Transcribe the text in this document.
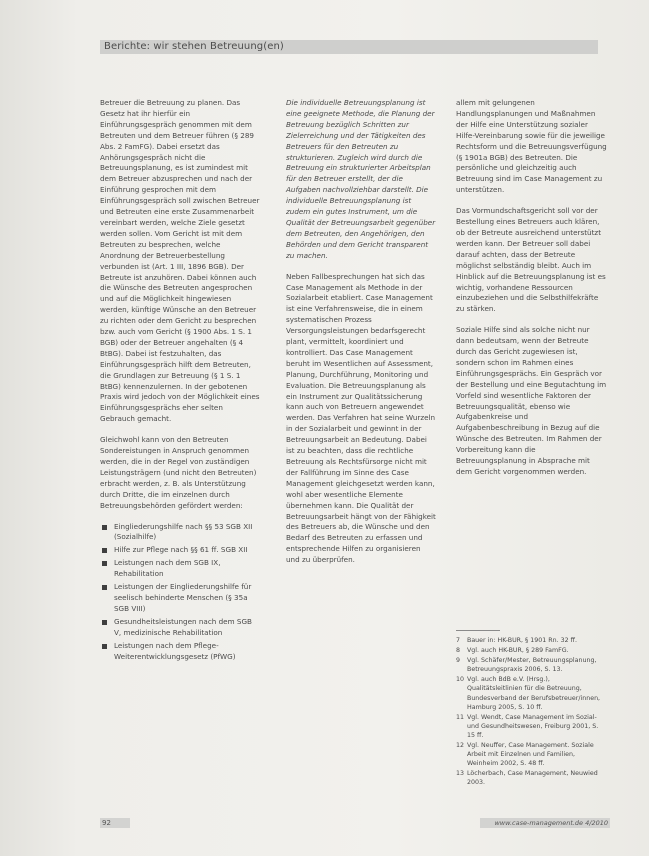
Berichte: wir stehen Betreuung(en)

Betreuer die Betreuung zu planen. Das Gesetz hat ihr hierfür ein Einführungsgespräch genommen mit dem Betreuten und dem Betreuer führen (§ 289 Abs. 2 FamFG). Dabei ersetzt das Anhörungsgespräch nicht die Betreuungsplanung, es ist zumindest mit dem Betreuer abzusprechen und nach der Einführung gesprochen mit dem Einführungsgespräch soll zwischen Betreuer und Betreuten eine erste Zusammenarbeit vereinbart werden, welche Ziele gesetzt werden sollen. Vom Gericht ist mit dem Betreuten zu besprechen, welche Anordnung der Betreuerbestellung verbunden ist (Art. 1 III, 1896 BGB). Der Betreute ist anzuhören. Dabei können auch die Wünsche des Betreuten angesprochen und auf die Möglichkeit hingewiesen werden, künftige Wünsche an den Betreuer zu richten oder dem Gericht zu besprechen bzw. auch vom Gericht (§ 1900 Abs. 1 S. 1 BGB) oder der Betreuer angehalten (§ 4 BtBG). Dabei ist festzuhalten, das Einführungsgespräch hilft dem Betreuten, die Grundlagen zur Betreuung (§ 1 S. 1 BtBG) kennenzulernen. In der gebotenen Praxis wird jedoch von der Möglichkeit eines Einführungsgesprächs eher selten Gebrauch gemacht.

Gleichwohl kann von den Betreuten Sondereistungen in Anspruch genommen werden, die in der Regel von zuständigen Leistungsträgern (und nicht den Betreuten) erbracht werden, z. B. als Unterstützung durch Dritte, die im einzelnen durch Betreuungsbehörden gefördert werden:

Eingliederungshilfe nach §§ 53 SGB XII (Sozialhilfe)
Hilfe zur Pflege nach §§ 61 ff. SGB XII
Leistungen nach dem SGB IX, Rehabilitation
Leistungen der Eingliederungshilfe für seelisch behinderte Menschen (§ 35a SGB VIII)
Gesundheitsleistungen nach dem SGB V, medizinische Rehabilitation
Leistungen nach dem Pflege-Weiterentwicklungsgesetz (PfWG)

Die individuelle Betreuungsplanung ist eine geeignete Methode, die Planung der Betreuung bezüglich Schritten zur Zielerreichung und der Tätigkeiten des Betreuers für den Betreuten zu strukturieren. Zugleich wird durch die Betreuung ein strukturierter Arbeitsplan für den Betreuer erstellt, der die Aufgaben nachvollziehbar darstellt. Die individuelle Betreuungsplanung ist zudem ein gutes Instrument, um die Qualität der Betreuungsarbeit gegenüber dem Betreuten, den Angehörigen, den Behörden und dem Gericht transparent zu machen.

Neben Fallbesprechungen hat sich das Case Management als Methode in der Sozialarbeit etabliert. Case Management ist eine Verfahrensweise, die in einem systematischen Prozess Versorgungsleistungen bedarfsgerecht plant, vermittelt, koordiniert und kontrolliert. Das Case Management beruht im Wesentlichen auf Assessment, Planung, Durchführung, Monitoring und Evaluation. Die Betreuungsplanung als ein Instrument zur Qualitätssicherung kann auch von Betreuern angewendet werden. Das Verfahren hat seine Wurzeln in der Sozialarbeit und gewinnt in der Betreuungsarbeit an Bedeutung. Dabei ist zu beachten, dass die rechtliche Betreuung als Rechtsfürsorge nicht mit der Fallführung im Sinne des Case Management gleichgesetzt werden kann, wohl aber wesentliche Elemente übernehmen kann. Die Qualität der Betreuungsarbeit hängt von der Fähigkeit des Betreuers ab, die Wünsche und den Bedarf des Betreuten zu erfassen und entsprechende Hilfen zu organisieren und zu überprüfen.

allem mit gelungenen Handlungsplanungen und Maßnahmen der Hilfe eine Unterstützung sozialer Hilfe-Vereinbarung sowie für die jeweilige Rechtsform und die Betreuungsverfügung (§ 1901a BGB) des Betreuten. Die persönliche und gleichzeitig auch Betreuung sind im Case Management zu unterstützen.

Das Vormundschaftsgericht soll vor der Bestellung eines Betreuers auch klären, ob der Betreute ausreichend unterstützt werden kann. Der Betreuer soll dabei darauf achten, dass der Betreute möglichst selbständig bleibt. Auch im Hinblick auf die Betreuungsplanung ist es wichtig, vorhandene Ressourcen einzubeziehen und die Selbsthilfekräfte zu stärken.

Soziale Hilfe sind als solche nicht nur dann bedeutsam, wenn der Betreute durch das Gericht zugewiesen ist, sondern schon im Rahmen eines Einführungsgesprächs. Ein Gespräch vor der Bestellung und eine Begutachtung im Vorfeld sind wesentliche Faktoren der Betreuungsqualität, ebenso wie Aufgabenkreise und Aufgabenbeschreibung in Bezug auf die Wünsche des Betreuten. Im Rahmen der Vorbereitung kann die Betreuungsplanung in Absprache mit dem Gericht vorgenommen werden.

7	Bauer in: HK-BUR, § 1901 Rn. 32 ff.
8	Vgl. auch HK-BUR, § 289 FamFG.
9	Vgl. Schäfer/Mester, Betreuungsplanung, Betreuungspraxis 2006, S. 13.
10 Vgl. auch BdB e.V. (Hrsg.), Qualitätsleitlinien für die Betreuung, Bundesverband der Berufsbetreuer/innen, Hamburg 2005, S. 10 ff.
11 Vgl. Wendt, Case Management im Sozial- und Gesundheitswesen, Freiburg 2001, S. 15 ff.
12 Vgl. Neuffer, Case Management. Soziale Arbeit mit Einzelnen und Familien, Weinheim 2002, S. 48 ff.
13 Löcherbach, Case Management, Neuwied 2003.
92	www.case-management.de 4/2010
